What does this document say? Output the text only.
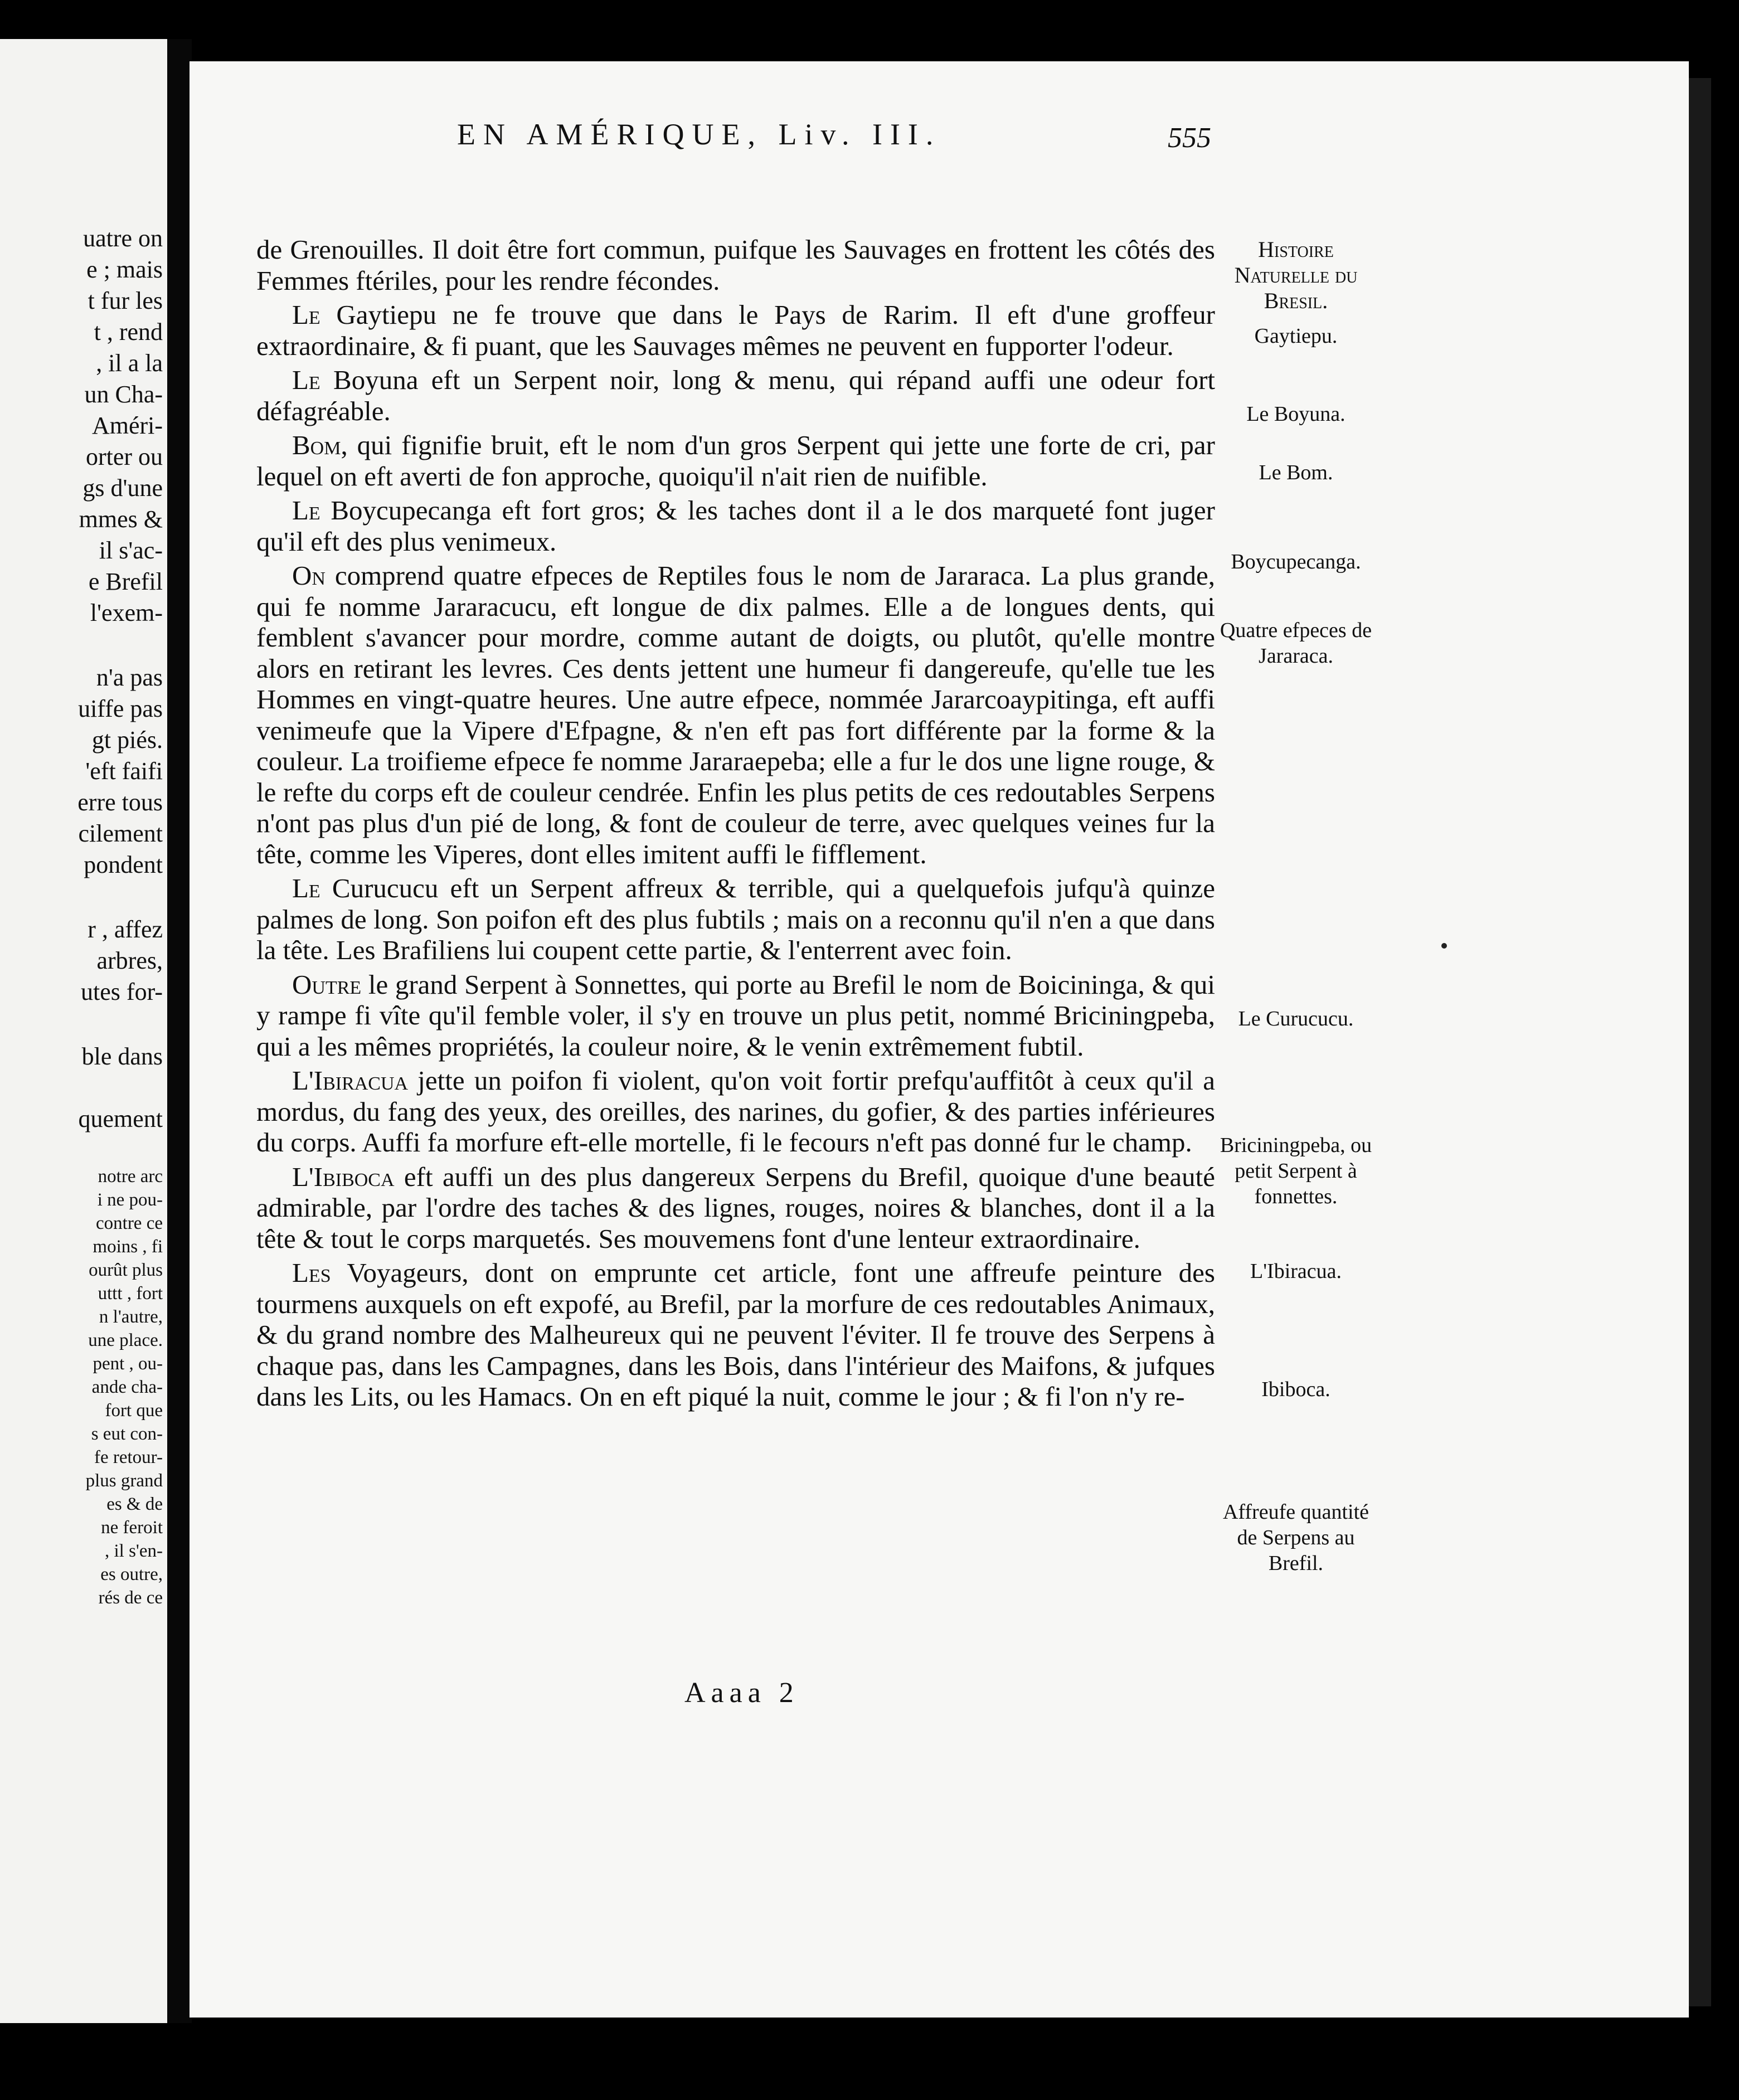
uatre on
e ; mais
t fur les
t , rend
, il a la
un Cha-
Améri-
orter ou
gs d'une
mmes &
il s'ac-
e Brefil
l'exem-
n'a pas
uiffe pas
gt piés.
'eft faifi
erre tous
cilement
pondent
r , affez
arbres,
utes for-
ble dans
quement
notre arc
i ne pou-
contre ce
moins , fi
ourût plus
uttt , fort
n l'autre,
une place.
pent , ou-
ande cha-
fort que
s eut con-
fe retour-
plus grand
es & de
ne feroit
, il s'en-
es outre,
rés de ce
EN AMÉRIQUE, Liv. III.	555

de Grenouilles. Il doit être fort commun, puifque les Sauvages en frottent les côtés des Femmes ftériles, pour les rendre fécondes.

Le Gaytiepu ne fe trouve que dans le Pays de Rarim. Il eft d'une groffeur extraordinaire, & fi puant, que les Sauvages mêmes ne peuvent en fupporter l'odeur.

Le Boyuna eft un Serpent noir, long & menu, qui répand auffi une odeur fort défagréable.

Bom, qui fignifie bruit, eft le nom d'un gros Serpent qui jette une forte de cri, par lequel on eft averti de fon approche, quoiqu'il n'ait rien de nuifible.

Le Boycupecanga eft fort gros; & les taches dont il a le dos marqueté font juger qu'il eft des plus venimeux.

On comprend quatre efpeces de Reptiles fous le nom de Jararaca. La plus grande, qui fe nomme Jararacucu, eft longue de dix palmes. Elle a de longues dents, qui femblent s'avancer pour mordre, comme autant de doigts, ou plutôt, qu'elle montre alors en retirant les levres. Ces dents jettent une humeur fi dangereufe, qu'elle tue les Hommes en vingt-quatre heures. Une autre efpece, nommée Jararcoaypitinga, eft auffi venimeufe que la Vipere d'Efpagne, & n'en eft pas fort différente par la forme & la couleur. La troifieme efpece fe nomme Jararaepeba; elle a fur le dos une ligne rouge, & le refte du corps eft de couleur cendrée. Enfin les plus petits de ces redoutables Serpens n'ont pas plus d'un pié de long, & font de couleur de terre, avec quelques veines fur la tête, comme les Viperes, dont elles imitent auffi le fifflement.

Le Curucucu eft un Serpent affreux & terrible, qui a quelquefois jufqu'à quinze palmes de long. Son poifon eft des plus fubtils ; mais on a reconnu qu'il n'en a que dans la tête. Les Brafiliens lui coupent cette partie, & l'enterrent avec foin.

Outre le grand Serpent à Sonnettes, qui porte au Brefil le nom de Boicininga, & qui y rampe fi vîte qu'il femble voler, il s'y en trouve un plus petit, nommé Briciningpeba, qui a les mêmes propriétés, la couleur noire, & le venin extrêmement fubtil.

L'Ibiracua jette un poifon fi violent, qu'on voit fortir prefqu'auffitôt à ceux qu'il a mordus, du fang des yeux, des oreilles, des narines, du gofier, & des parties inférieures du corps. Auffi fa morfure eft-elle mortelle, fi le fecours n'eft pas donné fur le champ.

L'Ibiboca eft auffi un des plus dangereux Serpens du Brefil, quoique d'une beauté admirable, par l'ordre des taches & des lignes, rouges, noires & blanches, dont il a la tête & tout le corps marquetés. Ses mouvemens font d'une lenteur extraordinaire.

Les Voyageurs, dont on emprunte cet article, font une affreufe peinture des tourmens auxquels on eft expofé, au Brefil, par la morfure de ces redoutables Animaux, & du grand nombre des Malheureux qui ne peuvent l'éviter. Il fe trouve des Serpens à chaque pas, dans les Campagnes, dans les Bois, dans l'intérieur des Maifons, & jufques dans les Lits, ou les Hamacs. On en eft piqué la nuit, comme le jour ; & fi l'on n'y re-

Histoire Naturelle du Bresil.
Gaytiepu.
Le Boyuna.
Le Bom.
Boycupecanga.
Quatre efpeces de Jararaca.
Le Curucucu.
Briciningpeba, ou petit Serpent à fonnettes.
L'Ibiracua.
Ibiboca.
Affreufe quantité de Serpens au Brefil.
Aaaa 2
